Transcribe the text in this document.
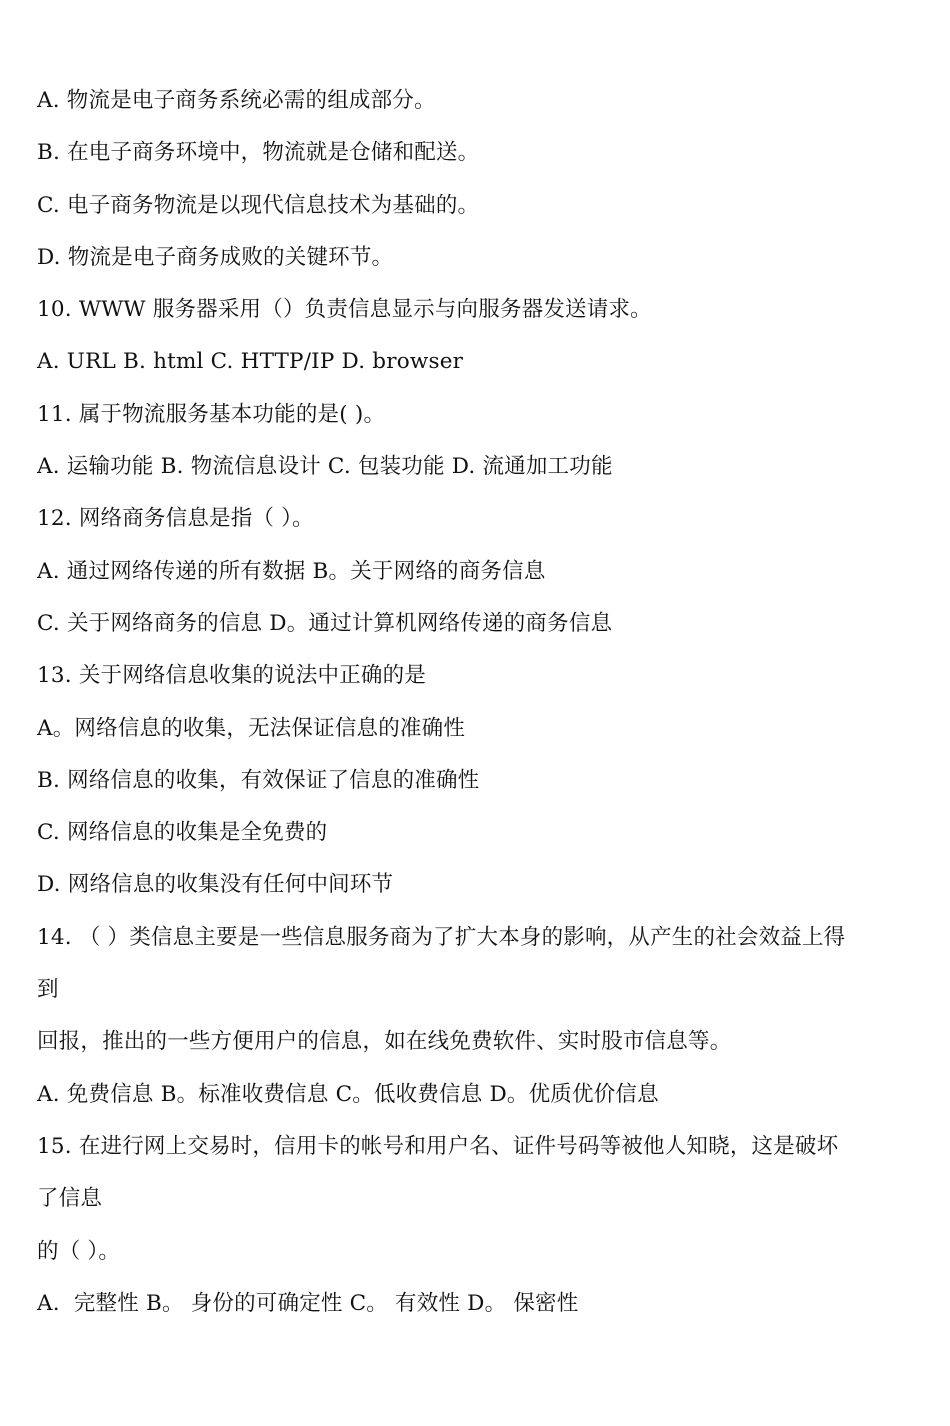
A. 物流是电子商务系统必需的组成部分。
B. 在电子商务环境中，物流就是仓储和配送。
C. 电子商务物流是以现代信息技术为基础的。
D. 物流是电子商务成败的关键环节。
10. WWW 服务器采用（）负责信息显示与向服务器发送请求。
A. URL B. html C. HTTP/IP D. browser
11. 属于物流服务基本功能的是( )。
A. 运输功能 B. 物流信息设计 C. 包装功能 D. 流通加工功能
12. 网络商务信息是指（ ）。
A. 通过网络传递的所有数据 B。关于网络的商务信息
C. 关于网络商务的信息 D。通过计算机网络传递的商务信息
13. 关于网络信息收集的说法中正确的是
A。网络信息的收集，无法保证信息的准确性
B. 网络信息的收集，有效保证了信息的准确性
C. 网络信息的收集是全免费的
D. 网络信息的收集没有任何中间环节
14. （ ）类信息主要是一些信息服务商为了扩大本身的影响，从产生的社会效益上得
到
回报，推出的一些方便用户的信息，如在线免费软件、实时股市信息等。
A. 免费信息 B。标准收费信息 C。低收费信息 D。优质优价信息
15. 在进行网上交易时，信用卡的帐号和用户名、证件号码等被他人知晓，这是破坏
了信息
的（ ）。
A.  完整性 B。 身份的可确定性 C。 有效性 D。 保密性
